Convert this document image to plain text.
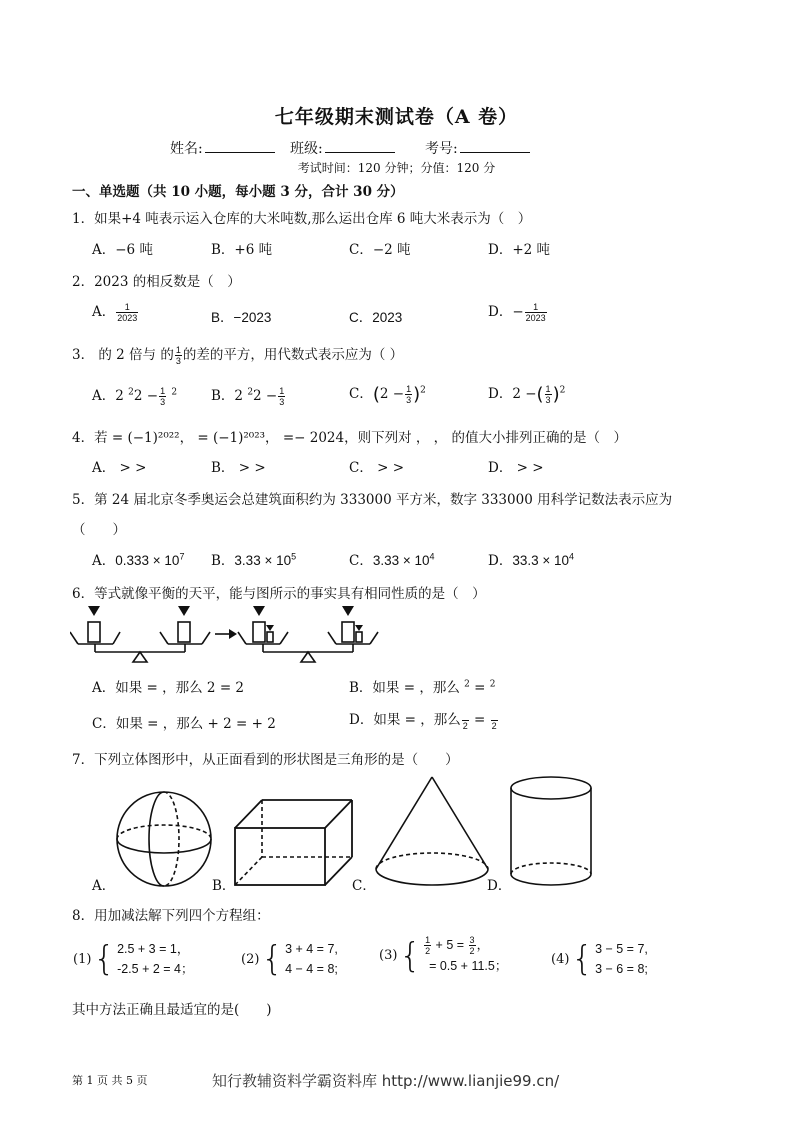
七年级期末测试卷（A 卷）
姓名:	班级:	考号:
考试时间：120 分钟；分值：120 分
一、单选题（共 10 小题，每小题 3 分，合计 30 分）
1．如果+4 吨表示运入仓库的大米吨数,那么运出仓库 6 吨大米表示为（　）
A．−6 吨	B．+6 吨	C．−2 吨	D．+2 吨
2．2023 的相反数是（　）
A． $\frac{1}{2023}$	B．−2023	C．2023	D．− $\frac{1}{2023}$
3． 的 2 倍与 的 $\frac{1}{3}$ 的差的平方，用代数式表示应为（ ）
A．2 $^22 - \frac{1}{3} ^2$	B．2 $^22 - \frac{1}{3}$	C．$(2 - \frac{1}{3} )^2$	D．2 −( $\frac{1}{3} )^2$
4．若 = (−1)²⁰²²， = (−1)²⁰²³， =− 2024，则下列对 ， ， 的值大小排列正确的是（　）
A． > >	B． > >	C． > >	D． > >
5．第 24 届北京冬季奥运会总建筑面积约为 333000 平方米，数字 333000 用科学记数法表示应为
（　　）
A．$0.333 \times 10^7$ B．$3.33 \times 10^5$	C．$3.33 \times 10^4$	D．$33.3 \times 10^4$
6．等式就像平衡的天平，能与图所示的事实具有相同性质的是（　）
A．如果 = ，那么 2 = 2	B．如果 = ，那么 $^2$ = $^2$
C．如果 = ，那么 + 2 = + 2	D．如果 = ，那么
2 =
2
7．下列立体图形中，从正面看到的形状图是三角形的是（　　）
A．	B．	C．	D．
8．用加减法解下列四个方程组：
(1)	{	2.5 + 3 = 1，
-2.5 + 2 = 4；
(2)	{	3 + 4 = 7,
4 − 4 = 8;
(3)	{	$\frac{1}{2} + 5 = \frac{3}{2}$ ，
= 0.5 + 11.5；	(4)	{	3 − 5 = 7,
3 − 6 = 8;
其中方法正确且最适宜的是(　　)
第 1 页 共 5 页	知行教辅资料学霸资料库 http://www.lianjie99.cn/
